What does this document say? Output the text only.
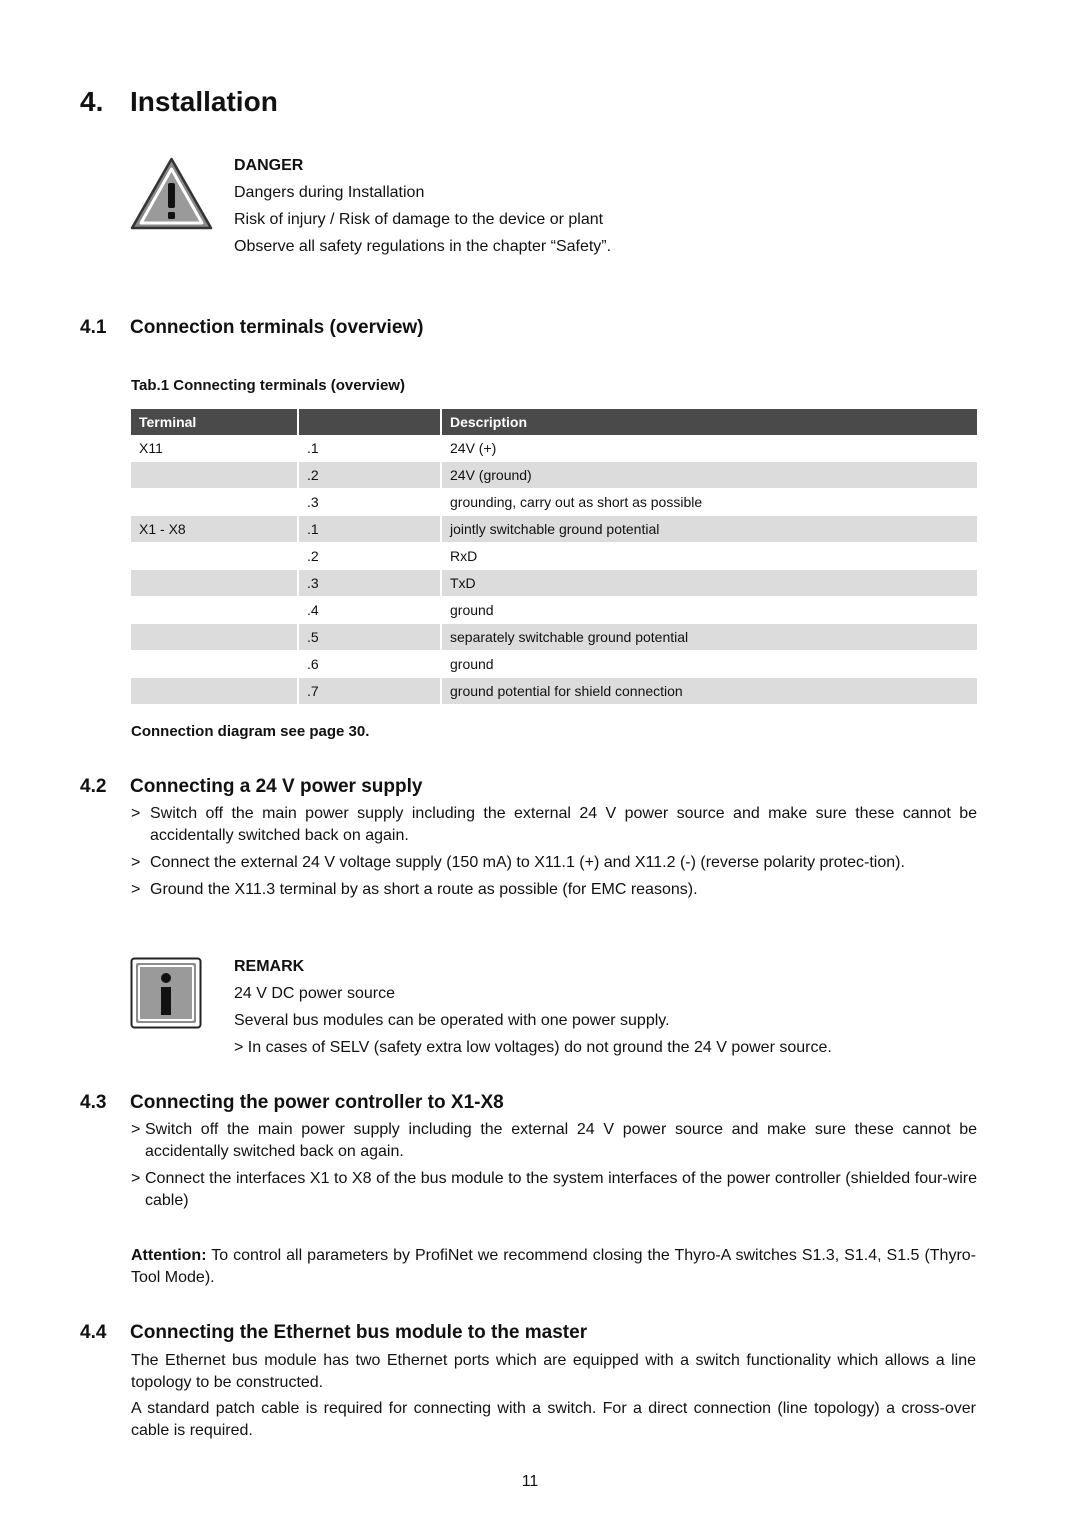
4. Installation
DANGER
Dangers during Installation
Risk of injury / Risk of damage to the device or plant
Observe all safety regulations in the chapter “Safety”.
4.1 Connection terminals (overview)
Tab.1 Connecting terminals (overview)
Terminal		Description
X11	.1	24V (+)
	.2	24V (ground)
	.3	grounding, carry out as short as possible
X1 - X8	.1	jointly switchable ground potential
	.2	RxD
	.3	TxD
	.4	ground
	.5	separately switchable ground potential
	.6	ground
	.7	ground potential for shield connection
Connection diagram see page 30.
4.2 Connecting a 24 V power supply
> Switch off the main power supply including the external 24 V power source and make sure these cannot be accidentally switched back on again.
> Connect the external 24 V voltage supply (150 mA) to X11.1 (+) and X11.2 (-) (reverse polarity protec-tion).
> Ground the X11.3 terminal by as short a route as possible (for EMC reasons).
REMARK
24 V DC power source
Several bus modules can be operated with one power supply.
> In cases of SELV (safety extra low voltages) do not ground the 24 V power source.
4.3 Connecting the power controller to X1-X8
> Switch off the main power supply including the external 24 V power source and make sure these cannot be accidentally switched back on again.
> Connect the interfaces X1 to X8 of the bus module to the system interfaces of the power controller (shielded four-wire cable)
Attention: To control all parameters by ProfiNet we recommend closing the Thyro-A switches S1.3, S1.4, S1.5 (Thyro-Tool Mode).
4.4 Connecting the Ethernet bus module to the master
The Ethernet bus module has two Ethernet ports which are equipped with a switch functionality which allows a line topology to be constructed.
A standard patch cable is required for connecting with a switch. For a direct connection (line topology) a cross-over cable is required.
11
